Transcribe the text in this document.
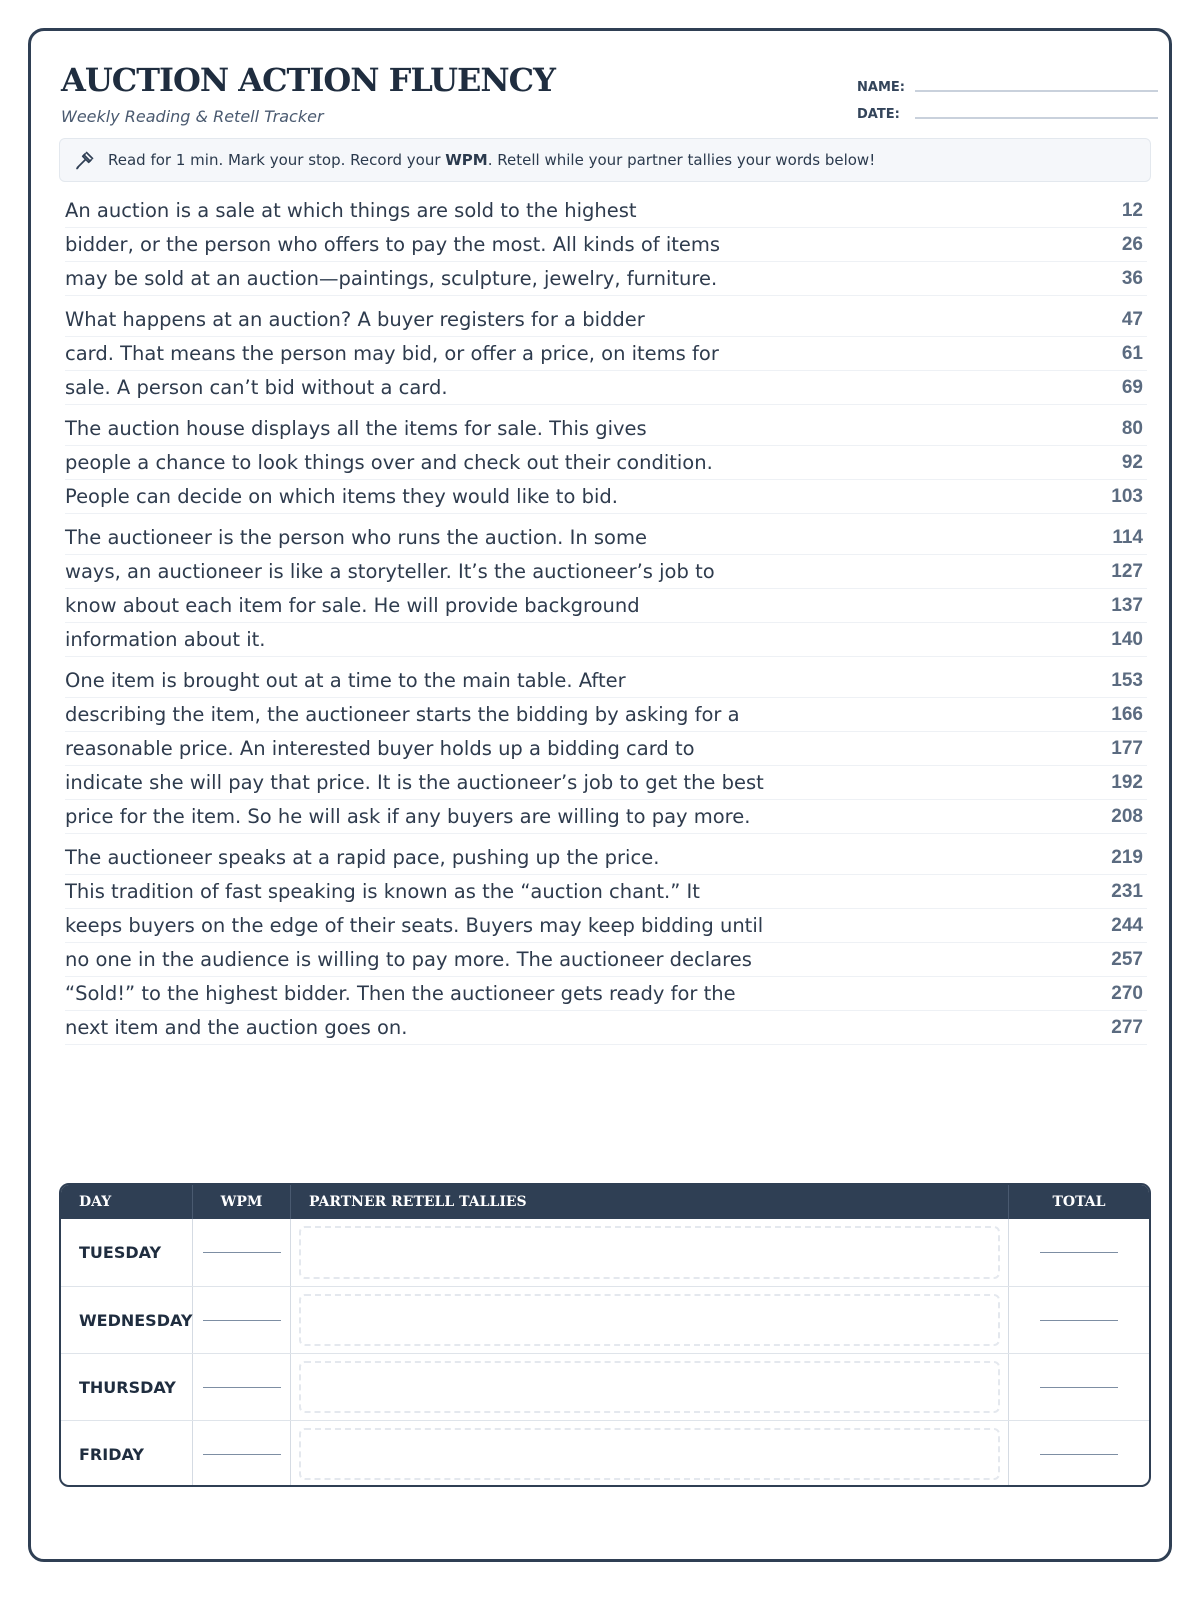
AUCTION ACTION FLUENCY
Weekly Reading & Retell Tracker
NAME:
DATE:
Read for 1 min. Mark your stop. Record your WPM. Retell while your partner tallies your words below!
An auction is a sale at which things are sold to the highest	12
bidder, or the person who offers to pay the most. All kinds of items	26
may be sold at an auction—paintings, sculpture, jewelry, furniture.	36
What happens at an auction? A buyer registers for a bidder	47
card. That means the person may bid, or offer a price, on items for	61
sale. A person can’t bid without a card.	69
The auction house displays all the items for sale. This gives	80
people a chance to look things over and check out their condition.	92
People can decide on which items they would like to bid.	103
The auctioneer is the person who runs the auction. In some	114
ways, an auctioneer is like a storyteller. It’s the auctioneer’s job to	127
know about each item for sale. He will provide background	137
information about it.	140
One item is brought out at a time to the main table. After	153
describing the item, the auctioneer starts the bidding by asking for a	166
reasonable price. An interested buyer holds up a bidding card to	177
indicate she will pay that price. It is the auctioneer’s job to get the best	192
price for the item. So he will ask if any buyers are willing to pay more.	208
The auctioneer speaks at a rapid pace, pushing up the price.	219
This tradition of fast speaking is known as the “auction chant.” It	231
keeps buyers on the edge of their seats. Buyers may keep bidding until	244
no one in the audience is willing to pay more. The auctioneer declares	257
“Sold!” to the highest bidder. Then the auctioneer gets ready for the	270
next item and the auction goes on.	277
DAY	WPM	PARTNER RETELL TALLIES	TOTAL
TUESDAY
WEDNESDAY
THURSDAY
FRIDAY
